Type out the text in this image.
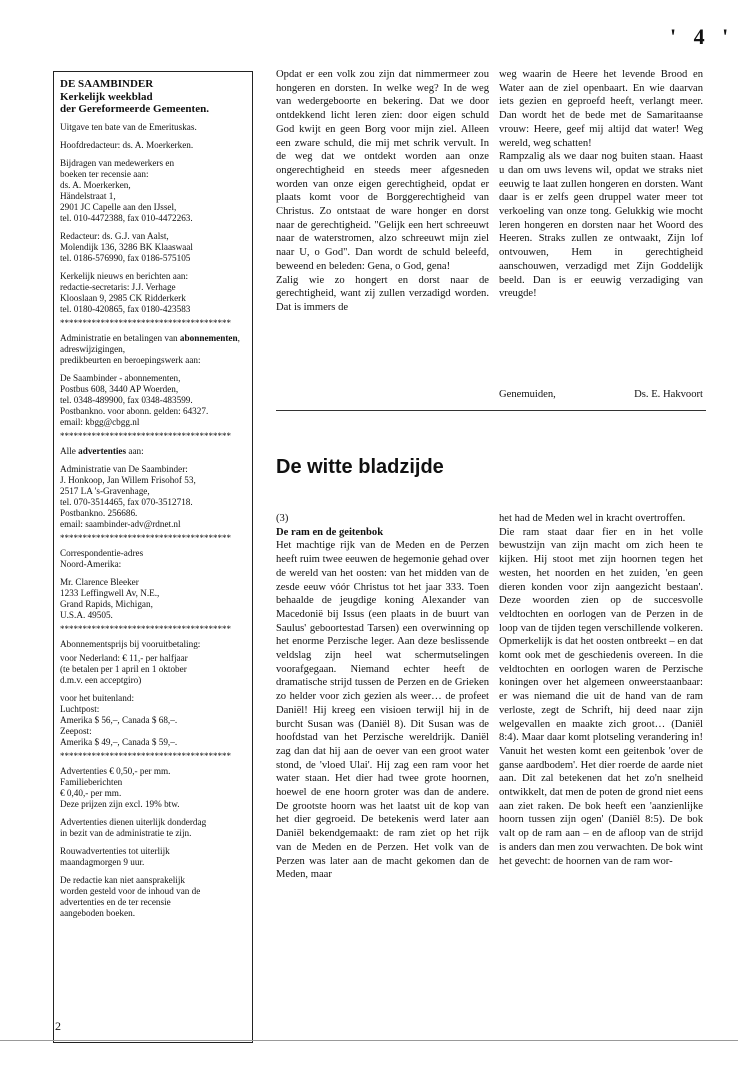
' 4 '
DE SAAMBINDER
Kerkelijk weekblad
der Gereformeerde Gemeenten.

Uitgave ten bate van de Emerituskas.

Hoofdredacteur: ds. A. Moerkerken.

Bijdragen van medewerkers en
boeken ter recensie aan:
ds. A. Moerkerken,
Händelstraat 1,
2901 JC Capelle aan den IJssel,
tel. 010-4472388, fax 010-4472263.

Redacteur: ds. G.J. van Aalst,
Molendijk 136, 3286 BK Klaaswaal
tel. 0186-576990, fax 0186-575105

Kerkelijk nieuws en berichten aan:
redactie-secretaris: J.J. Verhage
Klooslaan 9, 2985 CK Ridderkerk
tel. 0180-420865, fax 0180-423583

**************************************

Administratie en betalingen van abonnementen, adreswijzigingen,
predikbeurten en beroepingswerk aan:

De Saambinder - abonnementen,
Postbus 608, 3440 AP Woerden,
tel. 0348-489900, fax 0348-483599.
Postbankno. voor abonn. gelden: 64327.
email: kbgg@cbgg.nl

**************************************

Alle advertenties aan:

Administratie van De Saambinder:
J. Honkoop, Jan Willem Frisohof 53,
2517 LA 's-Gravenhage,
tel. 070-3514465, fax 070-3512718.
Postbankno. 256686.
email: saambinder-adv@rdnet.nl

**************************************

Correspondentie-adres
Noord-Amerika:

Mr. Clarence Bleeker
1233 Leffingwell Av, N.E.,
Grand Rapids, Michigan,
U.S.A. 49505.

**************************************

Abonnementsprijs bij vooruitbetaling:

voor Nederland: € 11,- per halfjaar
(te betalen per 1 april en 1 oktober
d.m.v. een acceptgiro)

voor het buitenland:
Luchtpost:
Amerika $ 56,–, Canada $ 68,–.
Zeepost:
Amerika $ 49,–, Canada $ 59,–.

**************************************

Advertenties € 0,50,- per mm.
Familieberichten
€ 0,40,- per mm.
Deze prijzen zijn excl. 19% btw.

Advertenties dienen uiterlijk donderdag
in bezit van de administratie te zijn.

Rouwadvertenties tot uiterlijk
maandagmorgen 9 uur.

De redactie kan niet aansprakelijk
worden gesteld voor de inhoud van de
advertenties en de ter recensie
aangeboden boeken.

Opdat er een volk zou zijn dat nimmermeer zou hongeren en dorsten. In welke weg? In de weg van wedergeboorte en bekering. Dat we door ontdekkend licht leren zien: door eigen schuld God kwijt en geen Borg voor mijn ziel. Alleen een zware schuld, die mij met schrik vervult. In de weg dat we ontdekt worden aan onze ongerechtigheid en steeds meer afgesneden worden van onze eigen gerechtigheid, opdat er plaats komt voor de Borggerechtigheid van Christus. Zo ontstaat de ware honger en dorst naar de gerechtigheid. "Gelijk een hert schreeuwt naar de waterstromen, alzo schreeuwt mijn ziel naar U, o God". Dan wordt de schuld beleefd, beweend en beleden: Gena, o God, gena!
Zalig wie zo hongert en dorst naar de gerechtigheid, want zij zullen verzadigd worden. Dat is immers de

weg waarin de Heere het levende Brood en Water aan de ziel openbaart. En wie daarvan iets gezien en geproefd heeft, verlangt meer. Dan wordt het de bede met de Samaritaanse vrouw: Heere, geef mij altijd dat water! Weg wereld, weg schatten!
Rampzalig als we daar nog buiten staan. Haast u dan om uws levens wil, opdat we straks niet eeuwig te laat zullen hongeren en dorsten. Want daar is er zelfs geen druppel water meer tot verkoeling van onze tong. Gelukkig wie mocht leren hongeren en dorsten naar het Woord des Heeren. Straks zullen ze ontwaakt, Zijn lof ontvouwen, Hem in gerechtigheid aanschouwen, verzadigd met Zijn Goddelijk beeld. Dan is er eeuwig verzadiging van vreugde!

Genemuiden,	Ds. E. Hakvoort
De witte bladzijde

(3)

De ram en de geitenbok

Het machtige rijk van de Meden en de Perzen heeft ruim twee eeuwen de hegemonie gehad over de wereld van het oosten: van het midden van de zesde eeuw vóór Christus tot het jaar 333. Toen behaalde de jeugdige koning Alexander van Macedonië bij Issus (een plaats in de buurt van Saulus' geboortestad Tarsen) een overwinning op het enorme Perzische leger. Aan deze beslissende veldslag zijn heel wat schermutselingen voorafgegaan. Niemand echter heeft de dramatische strijd tussen de Perzen en de Grieken zo helder voor zich gezien als weer… de profeet Daniël! Hij kreeg een visioen terwijl hij in de burcht Susan was (Daniël 8). Dit Susan was de hoofdstad van het Perzische wereldrijk. Daniël zag dan dat hij aan de oever van een groot water stond, de 'vloed Ulai'. Hij zag een ram voor het water staan. Het dier had twee grote hoornen, hoewel de ene hoorn groter was dan de andere. De grootste hoorn was het laatst uit de kop van het dier gegroeid. De betekenis werd later aan Daniël bekendgemaakt: de ram ziet op het rijk van de Meden en de Perzen. Het volk van de Perzen was later aan de macht gekomen dan de Meden, maar

het had de Meden wel in kracht overtroffen.
Die ram staat daar fier en in het volle bewustzijn van zijn macht om zich heen te kijken. Hij stoot met zijn hoornen tegen het westen, het noorden en het zuiden, 'en geen dieren konden voor zijn aangezicht bestaan'. Deze woorden zien op de succesvolle veldtochten en oorlogen van de Perzen in de loop van de tijden tegen verschillende volkeren. Opmerkelijk is dat het oosten ontbreekt – en dat komt ook met de geschiedenis overeen. In die veldtochten en oorlogen waren de Perzische koningen over het algemeen onweerstaanbaar: er was niemand die uit de hand van de ram verloste, zegt de Schrift, hij deed naar zijn welgevallen en maakte zich groot… (Daniël 8:4). Maar daar komt plotseling verandering in! Vanuit het westen komt een geitenbok 'over de ganse aardbodem'. Het dier roerde de aarde niet aan. Dit zal betekenen dat het zo'n snelheid ontwikkelt, dat men de poten de grond niet eens aan ziet raken. De bok heeft een 'aanzienlijke hoorn tussen zijn ogen' (Daniël 8:5). De bok valt op de ram aan – en de afloop van de strijd is anders dan men zou verwachten. De bok wint het gevecht: de hoornen van de ram wor-

2
